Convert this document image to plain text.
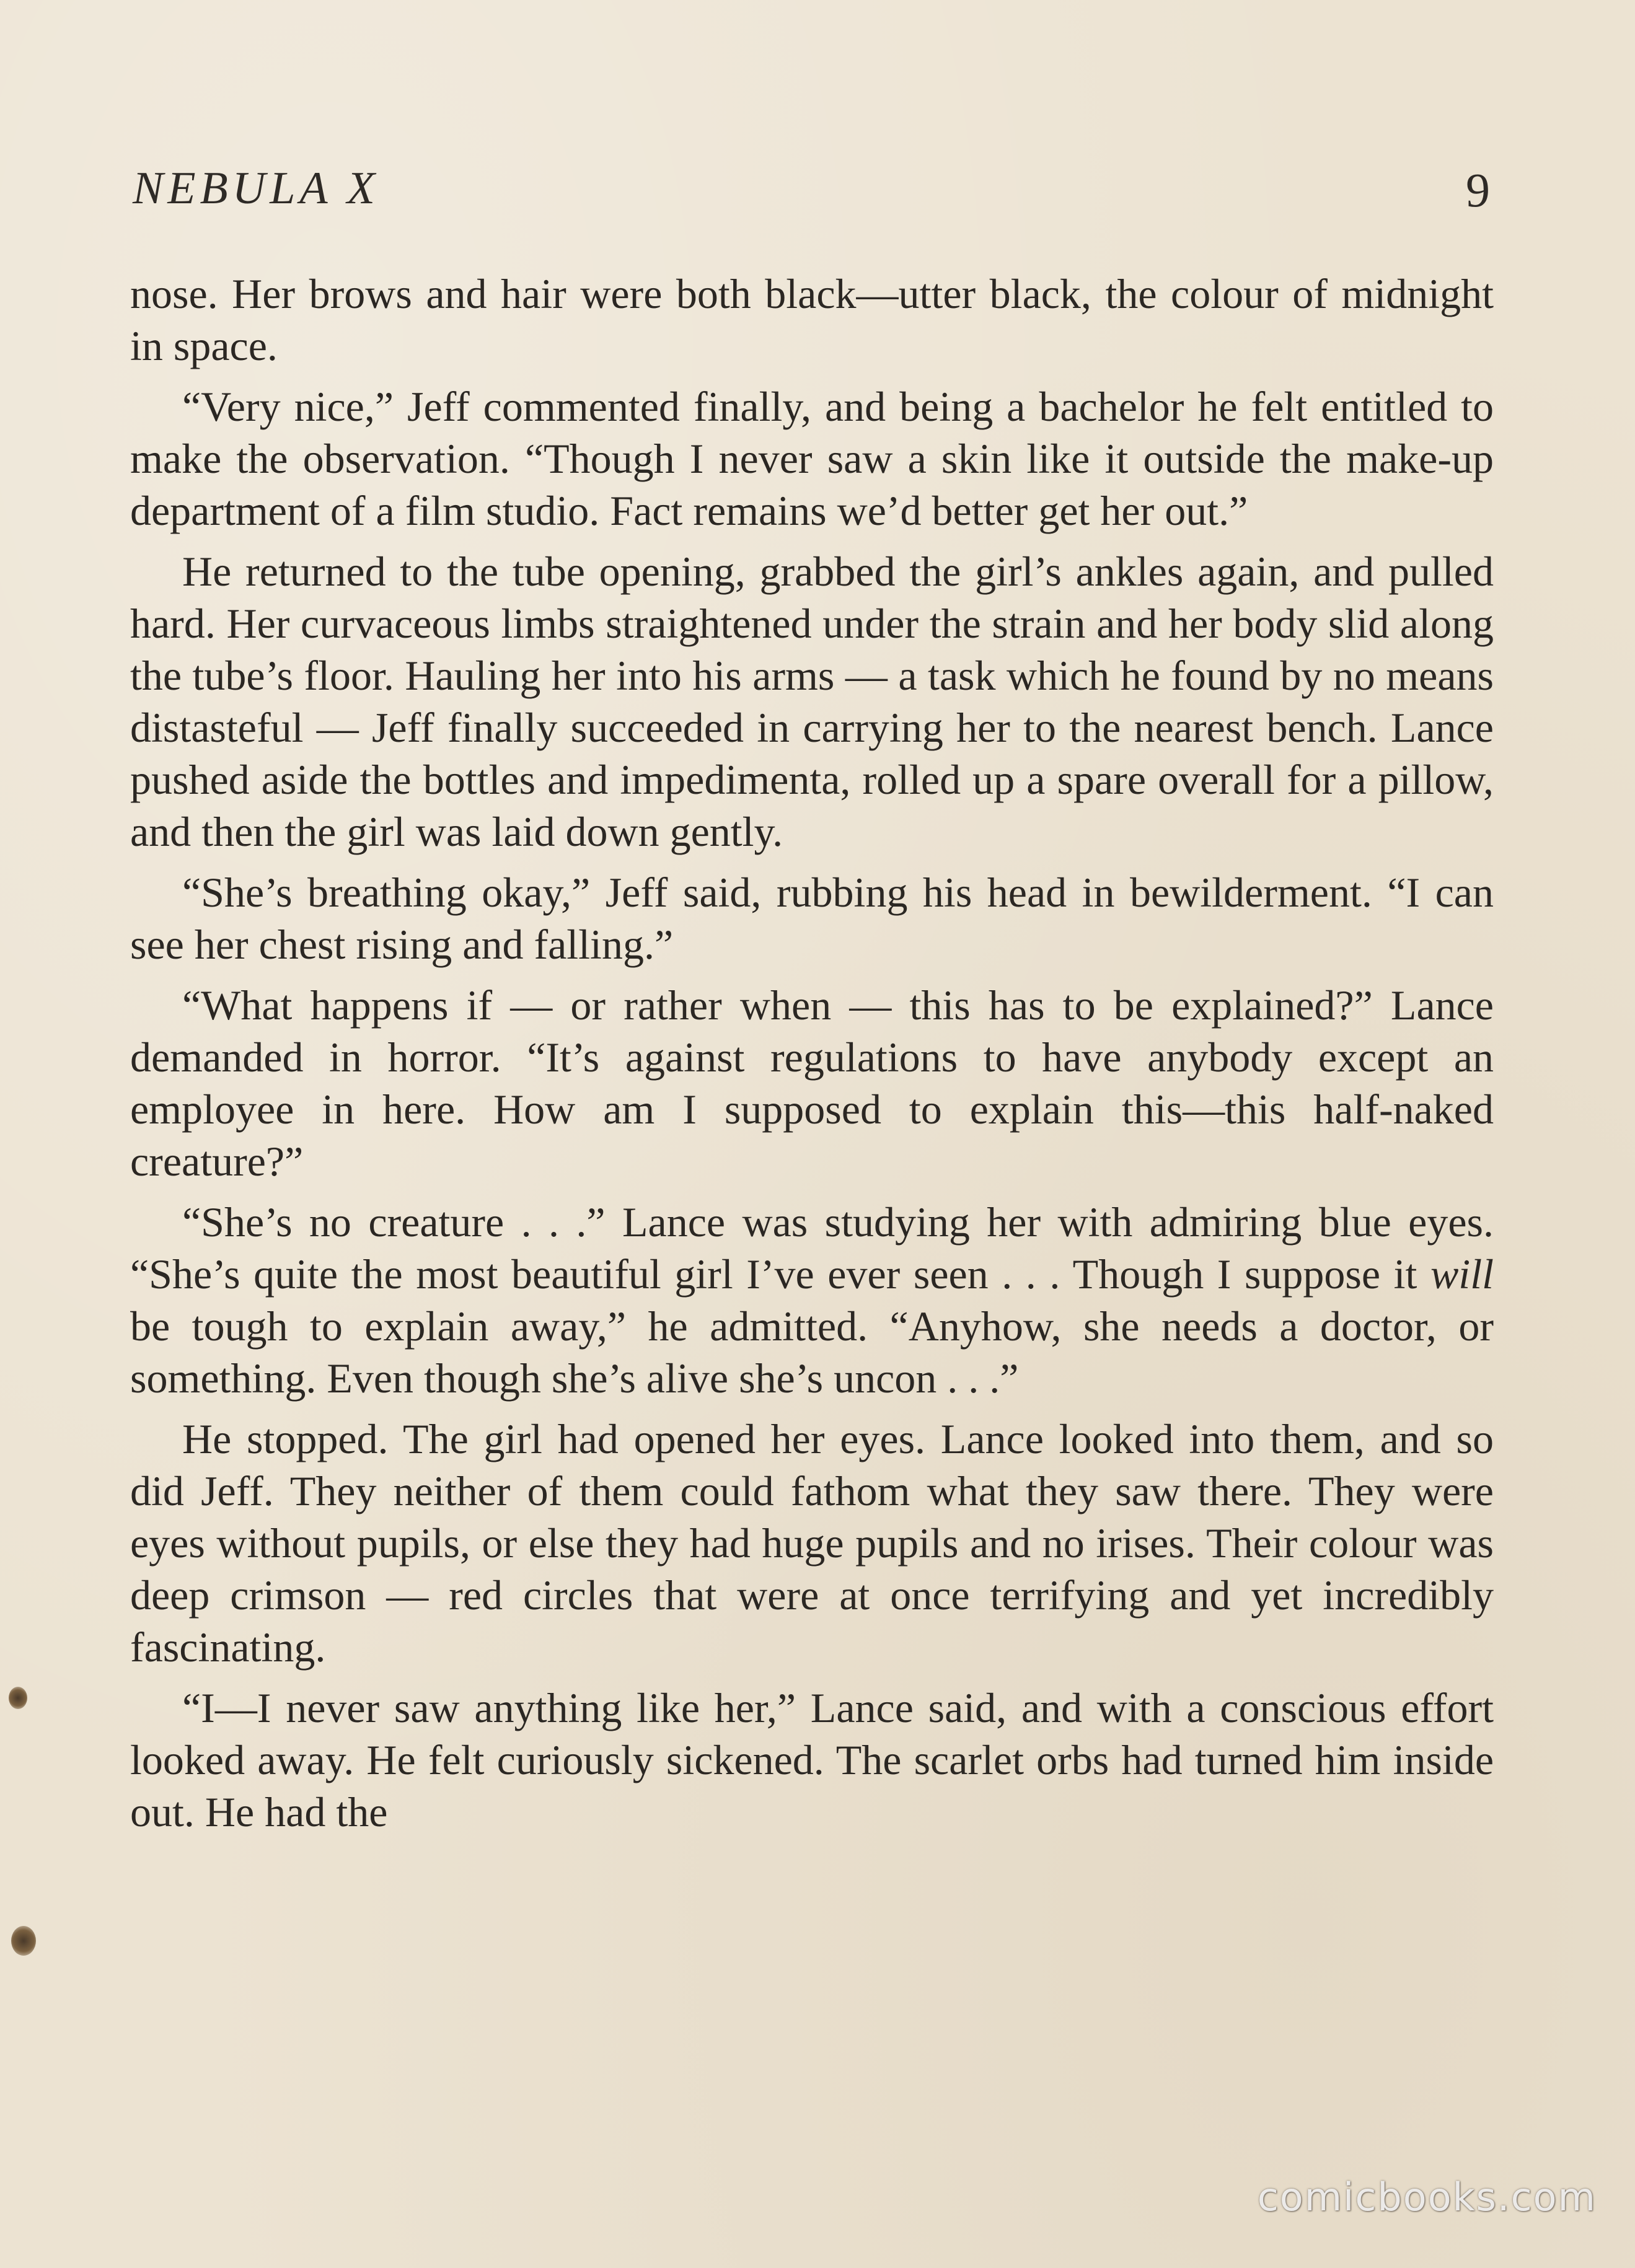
NEBULA X	9

nose. Her brows and hair were both black—utter black, the colour of midnight in space.

“Very nice,” Jeff commented finally, and being a bachelor he felt entitled to make the observation. “Though I never saw a skin like it outside the make-up department of a film studio. Fact remains we’d better get her out.”

He returned to the tube opening, grabbed the girl’s ankles again, and pulled hard. Her curvaceous limbs straightened under the strain and her body slid along the tube’s floor. Hauling her into his arms — a task which he found by no means distasteful — Jeff finally succeeded in carrying her to the nearest bench. Lance pushed aside the bottles and impedimenta, rolled up a spare overall for a pillow, and then the girl was laid down gently.

“She’s breathing okay,” Jeff said, rubbing his head in bewilderment. “I can see her chest rising and falling.”

“What happens if — or rather when — this has to be explained?” Lance demanded in horror. “It’s against regulations to have anybody except an employee in here. How am I supposed to explain this—this half-naked creature?”

“She’s no creature . . .” Lance was studying her with admiring blue eyes. “She’s quite the most beautiful girl I’ve ever seen . . . Though I suppose it will be tough to explain away,” he admitted. “Anyhow, she needs a doctor, or something. Even though she’s alive she’s uncon . . .”

He stopped. The girl had opened her eyes. Lance looked into them, and so did Jeff. They neither of them could fathom what they saw there. They were eyes without pupils, or else they had huge pupils and no irises. Their colour was deep crimson — red circles that were at once terrifying and yet incredibly fascinating.

“I—I never saw anything like her,” Lance said, and with a conscious effort looked away. He felt curiously sickened. The scarlet orbs had turned him inside out. He had the

comicbooks.com
